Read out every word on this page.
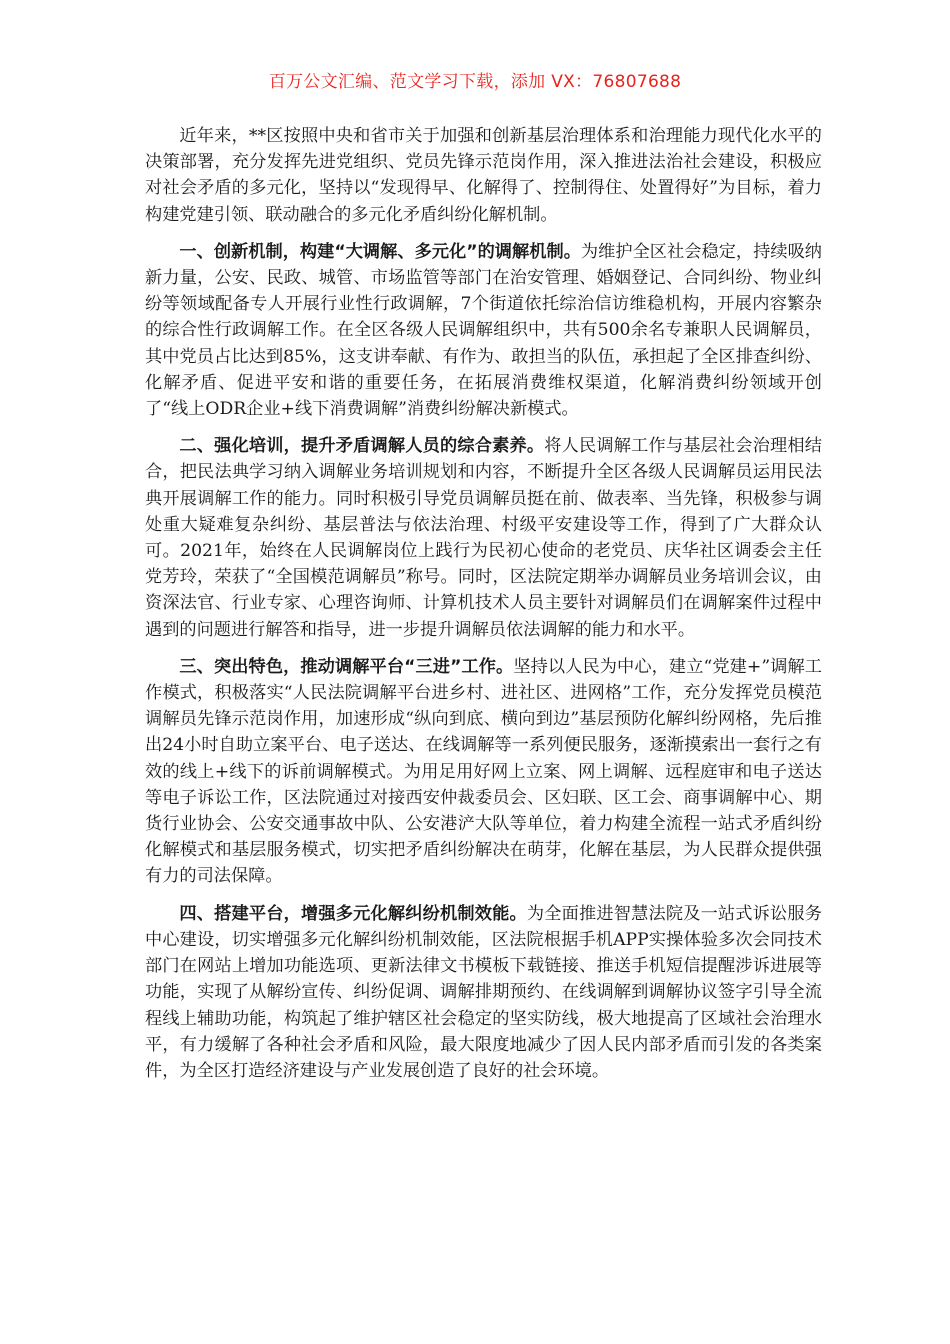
百万公文汇编、范文学习下载，添加 VX：76807688

近年来，**区按照中央和省市关于加强和创新基层治理体系和治理能力现代化水平的决策部署，充分发挥先进党组织、党员先锋示范岗作用，深入推进法治社会建设，积极应对社会矛盾的多元化，坚持以“发现得早、化解得了、控制得住、处置得好”为目标，着力构建党建引领、联动融合的多元化矛盾纠纷化解机制。

一、创新机制，构建“大调解、多元化”的调解机制。为维护全区社会稳定，持续吸纳新力量，公安、民政、城管、市场监管等部门在治安管理、婚姻登记、合同纠纷、物业纠纷等领域配备专人开展行业性行政调解，7个街道依托综治信访维稳机构，开展内容繁杂的综合性行政调解工作。在全区各级人民调解组织中，共有500余名专兼职人民调解员，其中党员占比达到85%，这支讲奉献、有作为、敢担当的队伍，承担起了全区排查纠纷、化解矛盾、促进平安和谐的重要任务，在拓展消费维权渠道，化解消费纠纷领域开创了“线上ODR企业+线下消费调解”消费纠纷解决新模式。

二、强化培训，提升矛盾调解人员的综合素养。将人民调解工作与基层社会治理相结合，把民法典学习纳入调解业务培训规划和内容，不断提升全区各级人民调解员运用民法典开展调解工作的能力。同时积极引导党员调解员挺在前、做表率、当先锋，积极参与调处重大疑难复杂纠纷、基层普法与依法治理、村级平安建设等工作，得到了广大群众认可。2021年，始终在人民调解岗位上践行为民初心使命的老党员、庆华社区调委会主任党芳玲，荣获了“全国模范调解员”称号。同时，区法院定期举办调解员业务培训会议，由资深法官、行业专家、心理咨询师、计算机技术人员主要针对调解员们在调解案件过程中遇到的问题进行解答和指导，进一步提升调解员依法调解的能力和水平。

三、突出特色，推动调解平台“三进”工作。坚持以人民为中心，建立“党建+”调解工作模式，积极落实“人民法院调解平台进乡村、进社区、进网格”工作，充分发挥党员模范调解员先锋示范岗作用，加速形成“纵向到底、横向到边”基层预防化解纠纷网格，先后推出24小时自助立案平台、电子送达、在线调解等一系列便民服务，逐渐摸索出一套行之有效的线上+线下的诉前调解模式。为用足用好网上立案、网上调解、远程庭审和电子送达等电子诉讼工作，区法院通过对接西安仲裁委员会、区妇联、区工会、商事调解中心、期货行业协会、公安交通事故中队、公安港浐大队等单位，着力构建全流程一站式矛盾纠纷化解模式和基层服务模式，切实把矛盾纠纷解决在萌芽，化解在基层，为人民群众提供强有力的司法保障。

四、搭建平台，增强多元化解纠纷机制效能。为全面推进智慧法院及一站式诉讼服务中心建设，切实增强多元化解纠纷机制效能，区法院根据手机APP实操体验多次会同技术部门在网站上增加功能选项、更新法律文书模板下载链接、推送手机短信提醒涉诉进展等功能，实现了从解纷宣传、纠纷促调、调解排期预约、在线调解到调解协议签字引导全流程线上辅助功能，构筑起了维护辖区社会稳定的坚实防线，极大地提高了区域社会治理水平，有力缓解了各种社会矛盾和风险，最大限度地减少了因人民内部矛盾而引发的各类案件，为全区打造经济建设与产业发展创造了良好的社会环境。
